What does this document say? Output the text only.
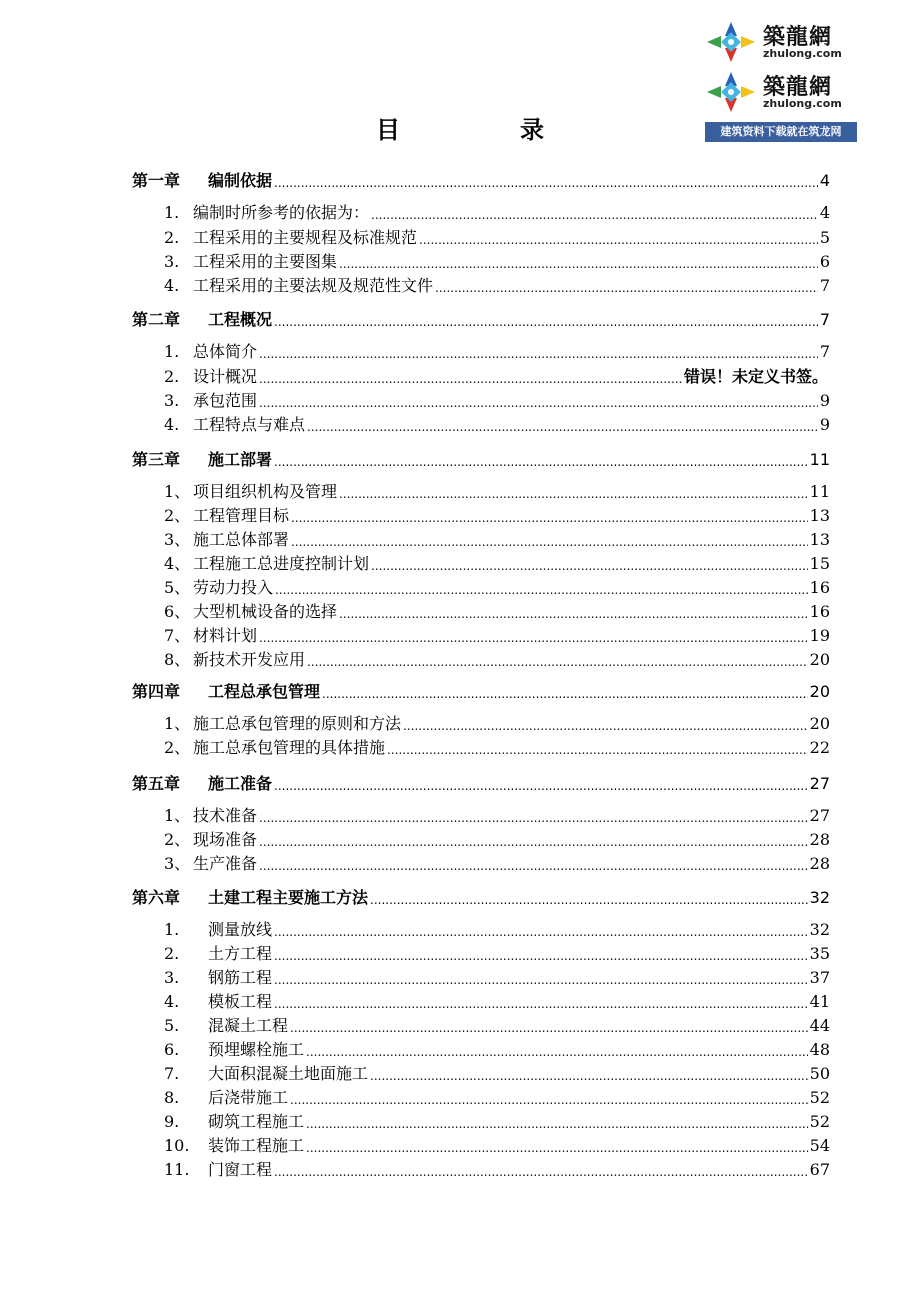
築龍網
zhulong.com
築龍網
zhulong.com
建筑资料下载就在筑龙网
目	录
第一章	编制依据 .....	4
1. 编制时所参考的依据为： .....	4
2. 工程采用的主要规程及标准规范 .....	5
3. 工程采用的主要图集 .....	6
4. 工程采用的主要法规及规范性文件 .....	7
第二章	工程概况 .....	7
1. 总体简介 .....	7
2. 设计概况 .....	错误！未定义书签。
3. 承包范围 .....	9
4. 工程特点与难点 .....	9
第三章	施工部署 .....	11
1、 项目组织机构及管理 .....	11
2、 工程管理目标 .....	13
3、 施工总体部署 .....	13
4、 工程施工总进度控制计划 .....	15
5、 劳动力投入 .....	16
6、 大型机械设备的选择 .....	16
7、 材料计划 .....	19
8、 新技术开发应用 .....	20
第四章	工程总承包管理 .....	20
1、 施工总承包管理的原则和方法 .....	20
2、 施工总承包管理的具体措施 .....	22
第五章	施工准备 .....	27
1、 技术准备 .....	27
2、 现场准备 .....	28
3、 生产准备 .....	28
第六章	土建工程主要施工方法 .....	32
1.	测量放线 .....	32
2.	土方工程 .....	35
3.	钢筋工程 .....	37
4.	模板工程 .....	41
5.	混凝土工程 .....	44
6.	预埋螺栓施工 .....	48
7.	大面积混凝土地面施工 .....	50
8.	后浇带施工 .....	52
9.	砌筑工程施工 .....	52
10.	装饰工程施工 .....	54
11.	门窗工程 .....	67
